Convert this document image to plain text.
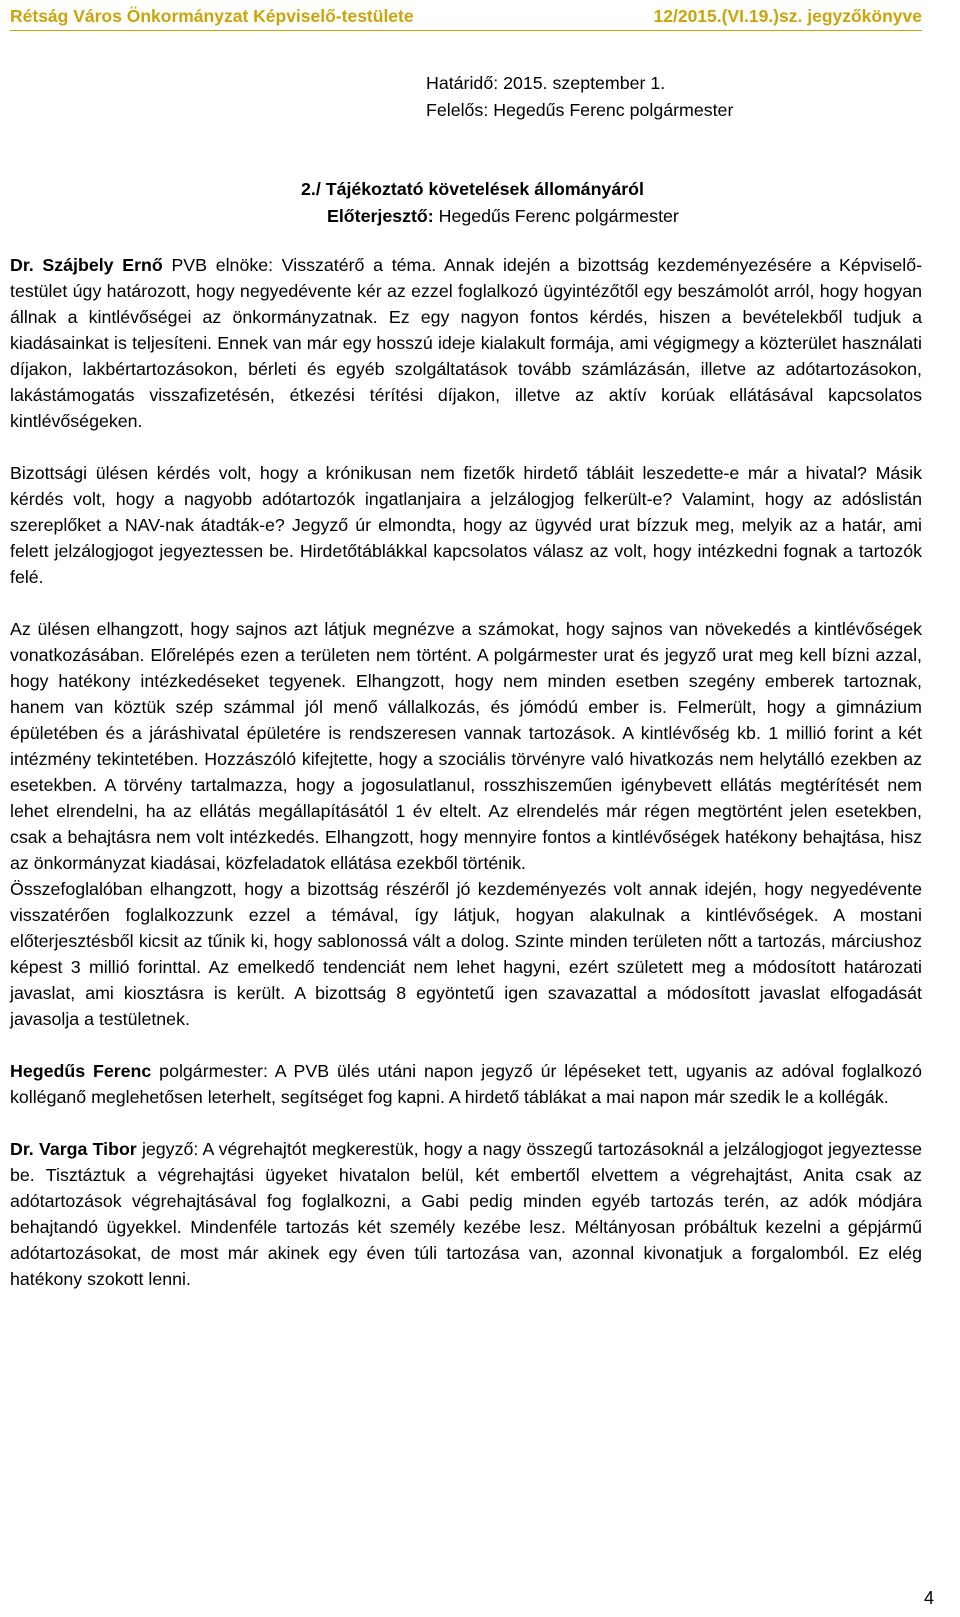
Rétság Város Önkormányzat Képviselő-testülete	12/2015.(VI.19.)sz. jegyzőkönyve
Határidő: 2015. szeptember 1.
Felelős: Hegedűs Ferenc polgármester
2./ Tájékoztató követelések állományáról
Előterjesztő: Hegedűs Ferenc polgármester

Dr. Szájbely Ernő PVB elnöke: Visszatérő a téma. Annak idején a bizottság kezdeményezésére a Képviselő-testület úgy határozott, hogy negyedévente kér az ezzel foglalkozó ügyintézőtől egy beszámolót arról, hogy hogyan állnak a kintlévőségei az önkormányzatnak. Ez egy nagyon fontos kérdés, hiszen a bevételekből tudjuk a kiadásainkat is teljesíteni. Ennek van már egy hosszú ideje kialakult formája, ami végigmegy a közterület használati díjakon, lakbértartozásokon, bérleti és egyéb szolgáltatások tovább számlázásán, illetve az adótartozásokon, lakástámogatás visszafizetésén, étkezési térítési díjakon, illetve az aktív korúak ellátásával kapcsolatos kintlévőségeken.

Bizottsági ülésen kérdés volt, hogy a krónikusan nem fizetők hirdető tábláit leszedette-e már a hivatal? Másik kérdés volt, hogy a nagyobb adótartozók ingatlanjaira a jelzálogjog felkerült-e? Valamint, hogy az adóslistán szereplőket a NAV-nak átadták-e? Jegyző úr elmondta, hogy az ügyvéd urat bízzuk meg, melyik az a határ, ami felett jelzálogjogot jegyeztessen be. Hirdetőtáblákkal kapcsolatos válasz az volt, hogy intézkedni fognak a tartozók felé.

Az ülésen elhangzott, hogy sajnos azt látjuk megnézve a számokat, hogy sajnos van növekedés a kintlévőségek vonatkozásában. Előrelépés ezen a területen nem történt. A polgármester urat és jegyző urat meg kell bízni azzal, hogy hatékony intézkedéseket tegyenek. Elhangzott, hogy nem minden esetben szegény emberek tartoznak, hanem van köztük szép számmal jól menő vállalkozás, és jómódú ember is. Felmerült, hogy a gimnázium épületében és a járáshivatal épületére is rendszeresen vannak tartozások. A kintlévőség kb. 1 millió forint a két intézmény tekintetében. Hozzászóló kifejtette, hogy a szociális törvényre való hivatkozás nem helytálló ezekben az esetekben. A törvény tartalmazza, hogy a jogosulatlanul, rosszhiszeműen igénybevett ellátás megtérítését nem lehet elrendelni, ha az ellátás megállapításától 1 év eltelt. Az elrendelés már régen megtörtént jelen esetekben, csak a behajtásra nem volt intézkedés. Elhangzott, hogy mennyire fontos a kintlévőségek hatékony behajtása, hisz az önkormányzat kiadásai, közfeladatok ellátása ezekből történik.

Összefoglalóban elhangzott, hogy a bizottság részéről jó kezdeményezés volt annak idején, hogy negyedévente visszatérően foglalkozzunk ezzel a témával, így látjuk, hogyan alakulnak a kintlévőségek. A mostani előterjesztésből kicsit az tűnik ki, hogy sablonossá vált a dolog. Szinte minden területen nőtt a tartozás, márciushoz képest 3 millió forinttal. Az emelkedő tendenciát nem lehet hagyni, ezért született meg a módosított határozati javaslat, ami kiosztásra is került. A bizottság 8 egyöntetű igen szavazattal a módosított javaslat elfogadását javasolja a testületnek.

Hegedűs Ferenc polgármester: A PVB ülés utáni napon jegyző úr lépéseket tett, ugyanis az adóval foglalkozó kolléganő meglehetősen leterhelt, segítséget fog kapni. A hirdető táblákat a mai napon már szedik le a kollégák.

Dr. Varga Tibor jegyző: A végrehajtót megkerestük, hogy a nagy összegű tartozásoknál a jelzálogjogot jegyeztesse be. Tisztáztuk a végrehajtási ügyeket hivatalon belül, két embertől elvettem a végrehajtást, Anita csak az adótartozások végrehajtásával fog foglalkozni, a Gabi pedig minden egyéb tartozás terén, az adók módjára behajtandó ügyekkel. Mindenféle tartozás két személy kezébe lesz. Méltányosan próbáltuk kezelni a gépjármű adótartozásokat, de most már akinek egy éven túli tartozása van, azonnal kivonatjuk a forgalomból. Ez elég hatékony szokott lenni.

4
